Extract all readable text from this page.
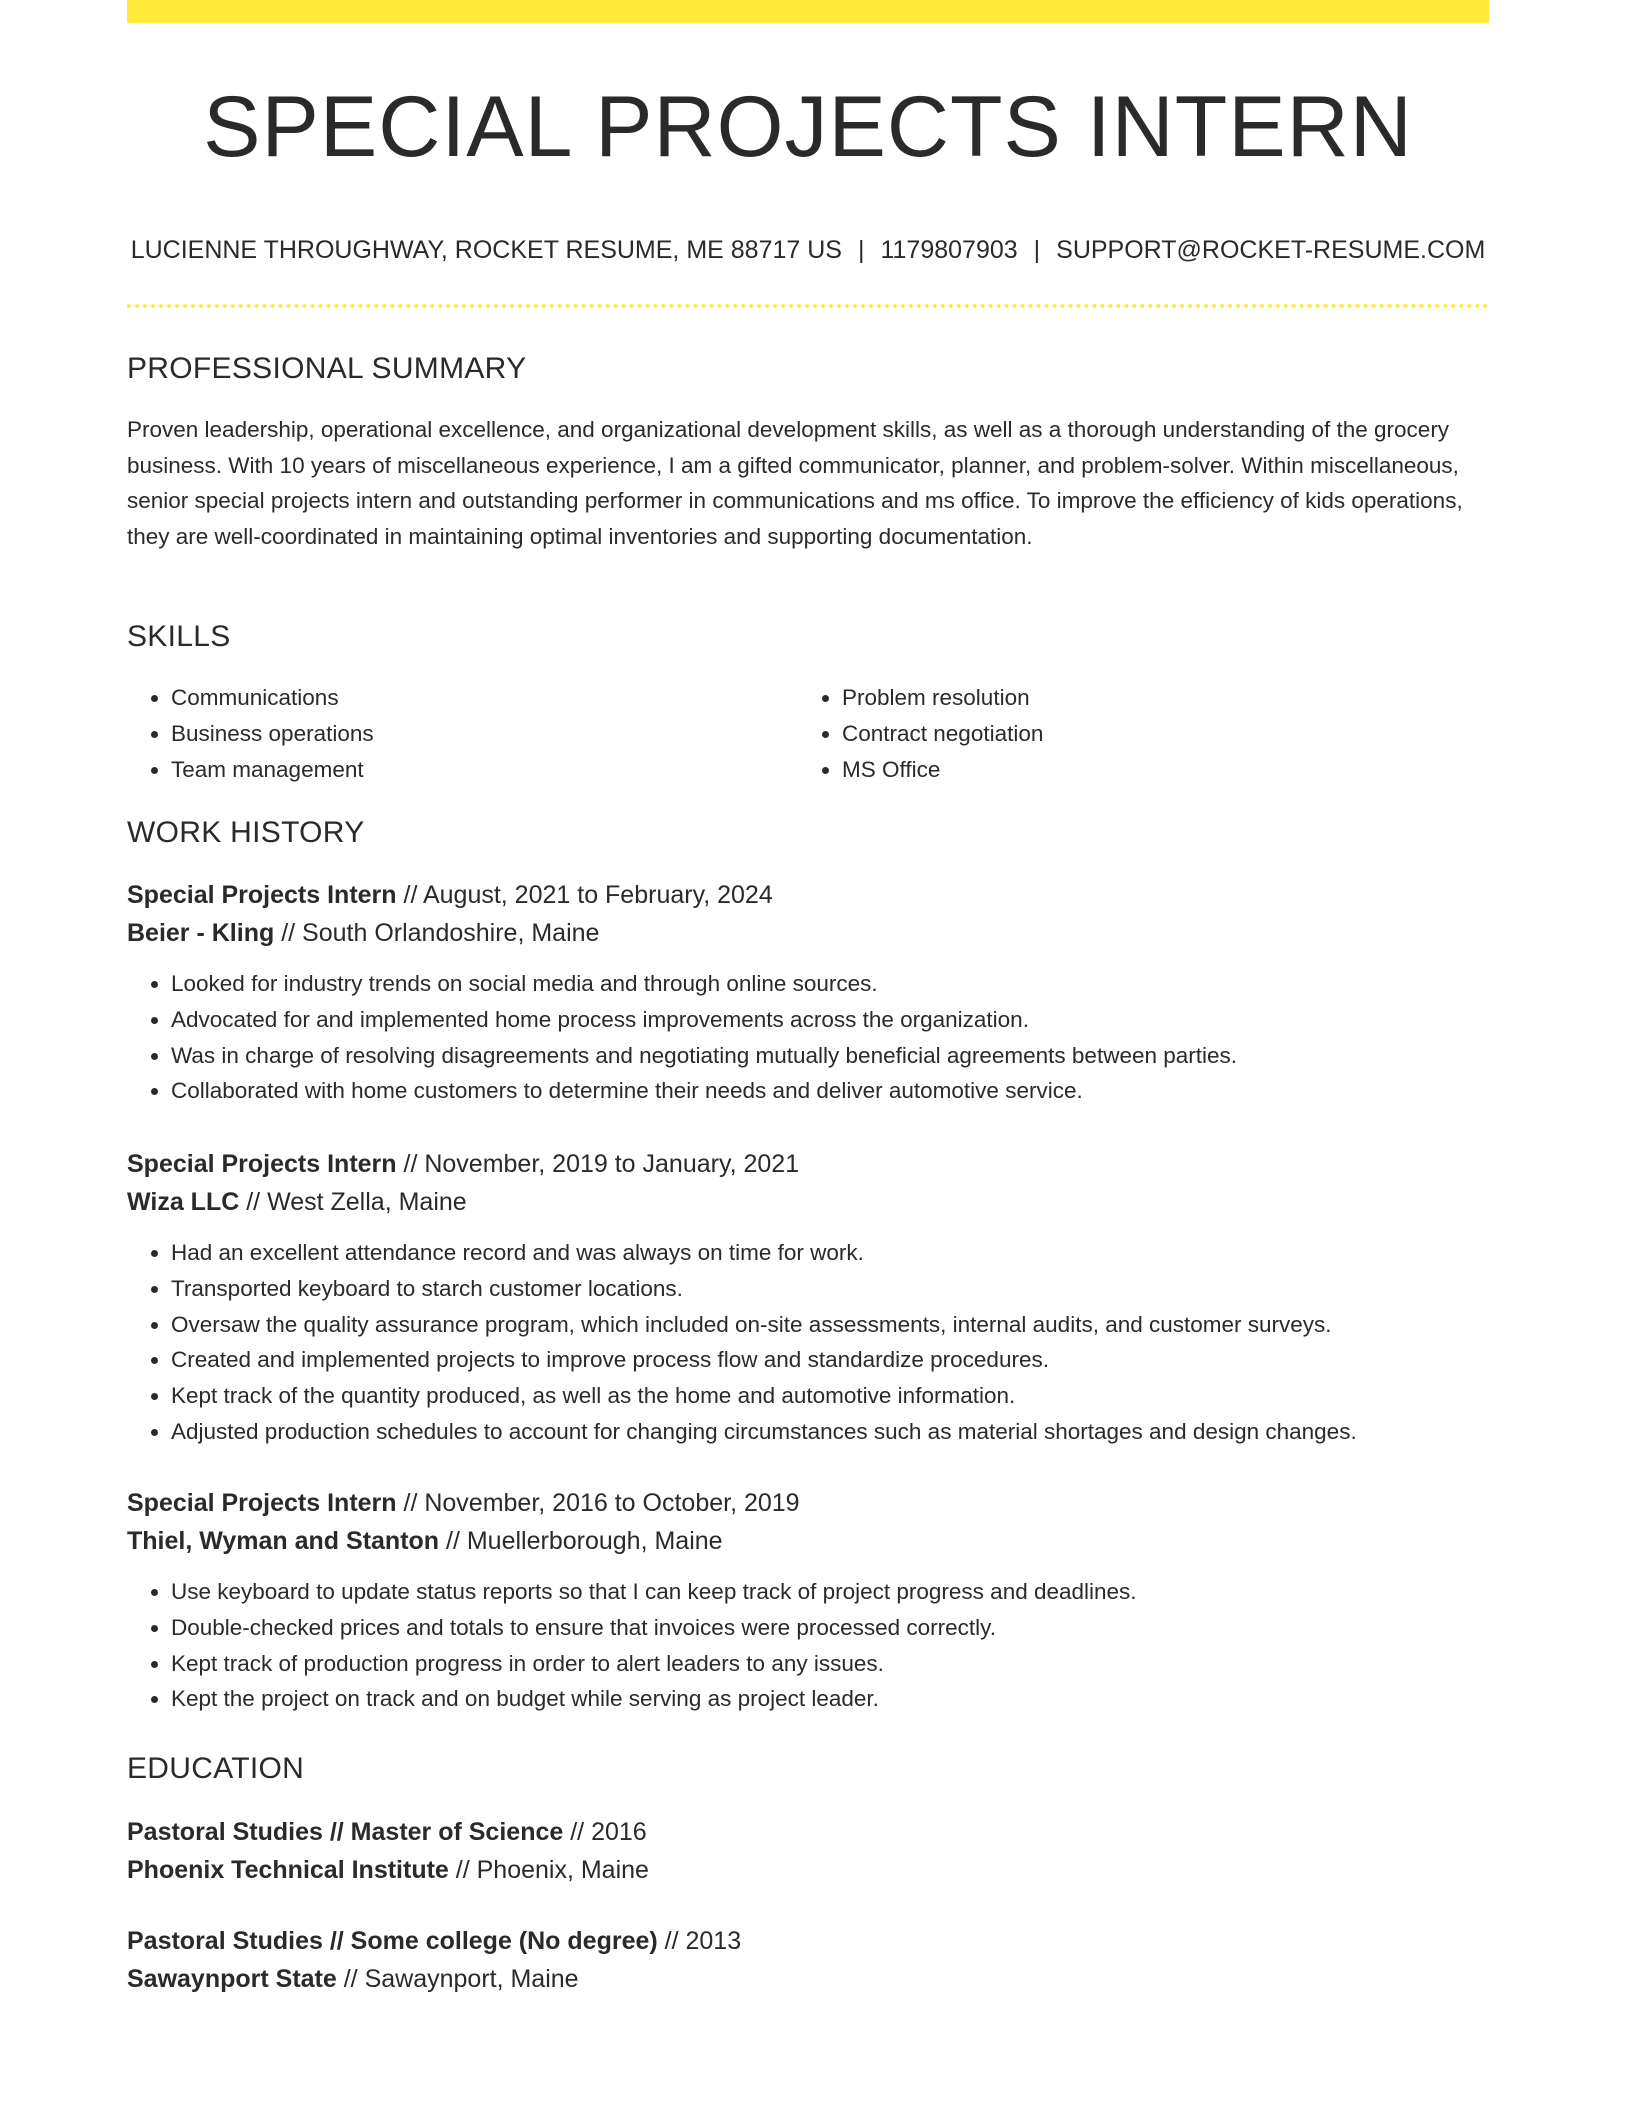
SPECIAL PROJECTS INTERN
LUCIENNE THROUGHWAY, ROCKET RESUME, ME 88717 US | 1179807903 | SUPPORT@ROCKET-RESUME.COM
PROFESSIONAL SUMMARY
Proven leadership, operational excellence, and organizational development skills, as well as a thorough understanding of the grocery business. With 10 years of miscellaneous experience, I am a gifted communicator, planner, and problem-solver. Within miscellaneous, senior special projects intern and outstanding performer in communications and ms office. To improve the efficiency of kids operations, they are well-coordinated in maintaining optimal inventories and supporting documentation.
SKILLS
• Communications
• Business operations
• Team management
• Problem resolution
• Contract negotiation
• MS Office
WORK HISTORY
Special Projects Intern // August, 2021 to February, 2024
Beier - Kling // South Orlandoshire, Maine
• Looked for industry trends on social media and through online sources.
• Advocated for and implemented home process improvements across the organization.
• Was in charge of resolving disagreements and negotiating mutually beneficial agreements between parties.
• Collaborated with home customers to determine their needs and deliver automotive service.
Special Projects Intern // November, 2019 to January, 2021
Wiza LLC // West Zella, Maine
• Had an excellent attendance record and was always on time for work.
• Transported keyboard to starch customer locations.
• Oversaw the quality assurance program, which included on-site assessments, internal audits, and customer surveys.
• Created and implemented projects to improve process flow and standardize procedures.
• Kept track of the quantity produced, as well as the home and automotive information.
• Adjusted production schedules to account for changing circumstances such as material shortages and design changes.
Special Projects Intern // November, 2016 to October, 2019
Thiel, Wyman and Stanton // Muellerborough, Maine
• Use keyboard to update status reports so that I can keep track of project progress and deadlines.
• Double-checked prices and totals to ensure that invoices were processed correctly.
• Kept track of production progress in order to alert leaders to any issues.
• Kept the project on track and on budget while serving as project leader.
EDUCATION
Pastoral Studies // Master of Science // 2016
Phoenix Technical Institute // Phoenix, Maine
Pastoral Studies // Some college (No degree) // 2013
Sawaynport State // Sawaynport, Maine
